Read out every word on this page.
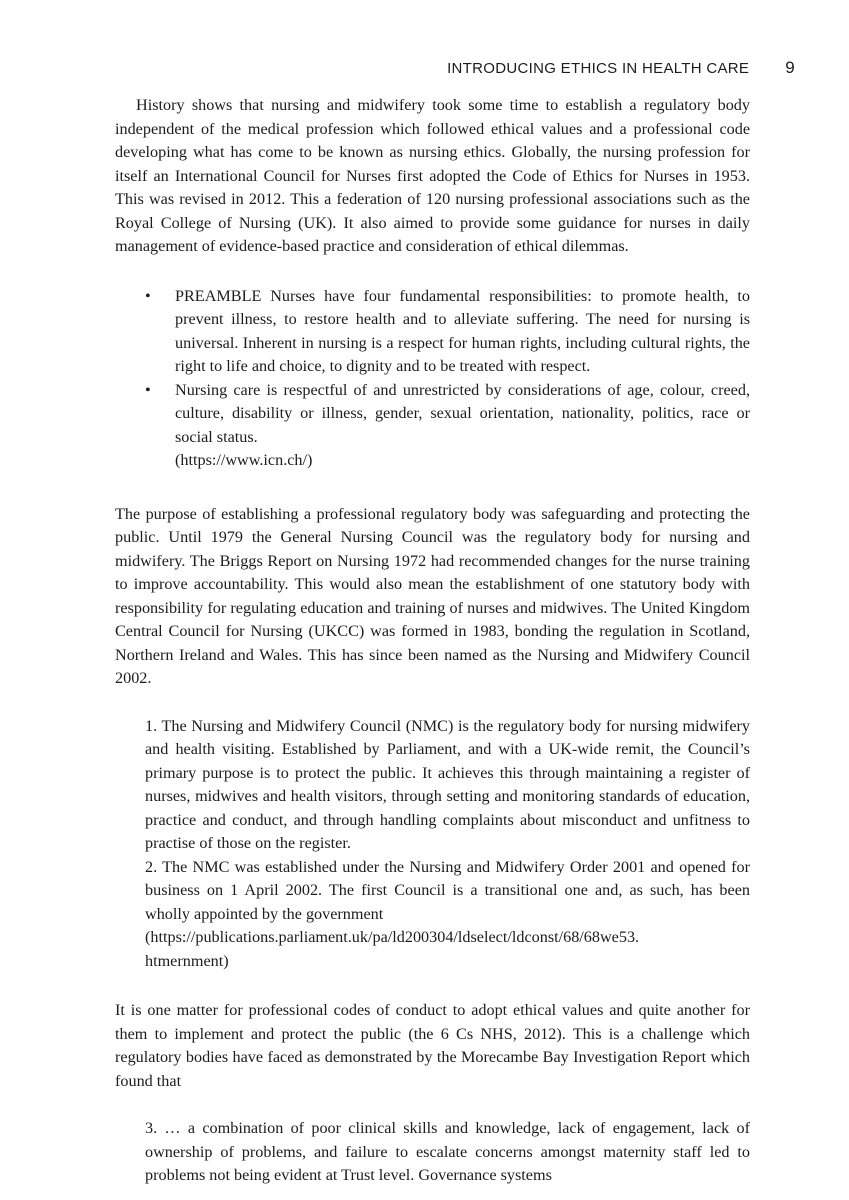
INTRODUCING ETHICS IN HEALTH CARE 9

History shows that nursing and midwifery took some time to establish a regulatory body independent of the medical profession which followed ethical values and a professional code developing what has come to be known as nursing ethics. Globally, the nursing profession for itself an International Council for Nurses first adopted the Code of Ethics for Nurses in 1953. This was revised in 2012. This a federation of 120 nursing professional associations such as the Royal College of Nursing (UK). It also aimed to provide some guidance for nurses in daily management of evidence-based practice and consideration of ethical dilemmas.

• PREAMBLE Nurses have four fundamental responsibilities: to promote health, to prevent illness, to restore health and to alleviate suffering. The need for nursing is universal. Inherent in nursing is a respect for human rights, including cultural rights, the right to life and choice, to dignity and to be treated with respect.
• Nursing care is respectful of and unrestricted by considerations of age, colour, creed, culture, disability or illness, gender, sexual orientation, nationality, politics, race or social status.
(https://www.icn.ch/)

The purpose of establishing a professional regulatory body was safeguarding and protecting the public. Until 1979 the General Nursing Council was the regulatory body for nursing and midwifery. The Briggs Report on Nursing 1972 had recommended changes for the nurse training to improve accountability. This would also mean the establishment of one statutory body with responsibility for regulating education and training of nurses and midwives. The United Kingdom Central Council for Nursing (UKCC) was formed in 1983, bonding the regulation in Scotland, Northern Ireland and Wales. This has since been named as the Nursing and Midwifery Council 2002.

1. The Nursing and Midwifery Council (NMC) is the regulatory body for nursing midwifery and health visiting. Established by Parliament, and with a UK-wide remit, the Council’s primary purpose is to protect the public. It achieves this through maintaining a register of nurses, midwives and health visitors, through setting and monitoring standards of education, practice and conduct, and through handling complaints about misconduct and unfitness to practise of those on the register.

2. The NMC was established under the Nursing and Midwifery Order 2001 and opened for business on 1 April 2002. The first Council is a transitional one and, as such, has been wholly appointed by the government

(https://publications.parliament.uk/pa/ld200304/ldselect/ldconst/68/68we53.

htmernment)

It is one matter for professional codes of conduct to adopt ethical values and quite another for them to implement and protect the public (the 6 Cs NHS, 2012). This is a challenge which regulatory bodies have faced as demonstrated by the Morecambe Bay Investigation Report which found that

3. … a combination of poor clinical skills and knowledge, lack of engagement, lack of ownership of problems, and failure to escalate concerns amongst maternity staff led to problems not being evident at Trust level. Governance systems
